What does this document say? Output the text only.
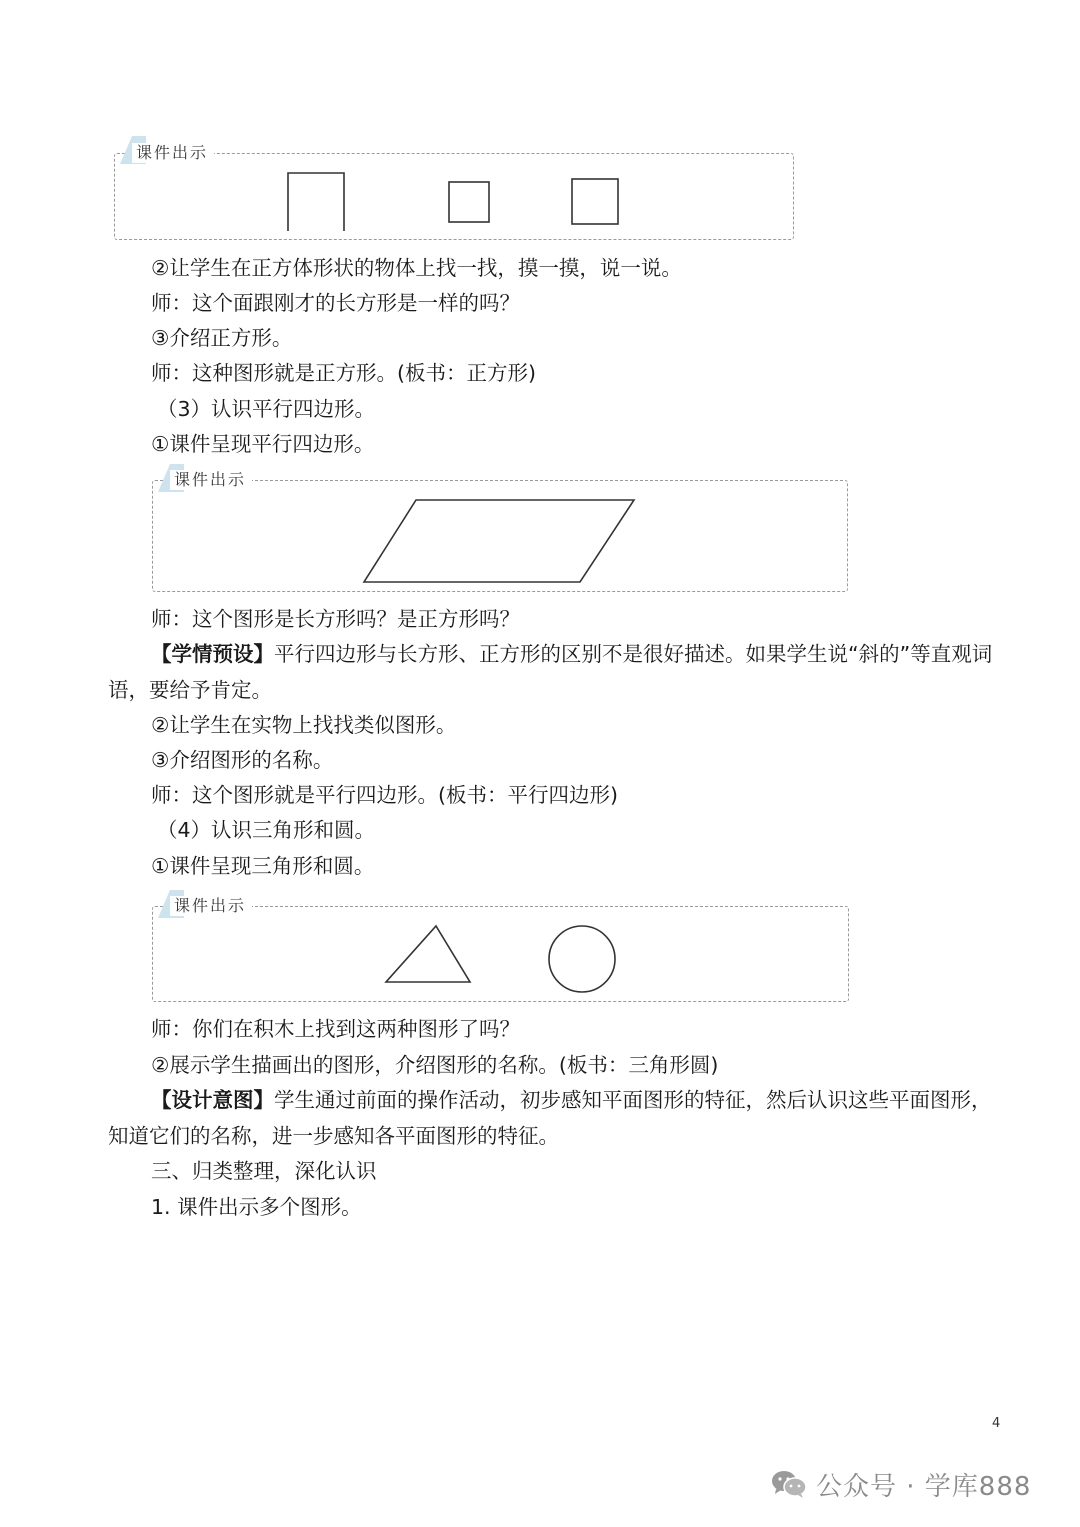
课件出示
②让学生在正方体形状的物体上找一找，摸一摸，说一说。
师：这个面跟刚才的长方形是一样的吗？
③介绍正方形。
师：这种图形就是正方形。(板书：正方形)
（3）认识平行四边形。
①课件呈现平行四边形。
课件出示
师：这个图形是长方形吗？是正方形吗？
【学情预设】平行四边形与长方形、正方形的区别不是很好描述。如果学生说“斜的”等直观词语，要给予肯定。
②让学生在实物上找找类似图形。
③介绍图形的名称。
师：这个图形就是平行四边形。(板书：平行四边形)
（4）认识三角形和圆。
①课件呈现三角形和圆。
课件出示
师：你们在积木上找到这两种图形了吗？
②展示学生描画出的图形，介绍图形的名称。(板书：三角形圆)
【设计意图】学生通过前面的操作活动，初步感知平面图形的特征，然后认识这些平面图形，知道它们的名称，进一步感知各平面图形的特征。
三、归类整理，深化认识
1. 课件出示多个图形。
4
公众号 · 学库888
